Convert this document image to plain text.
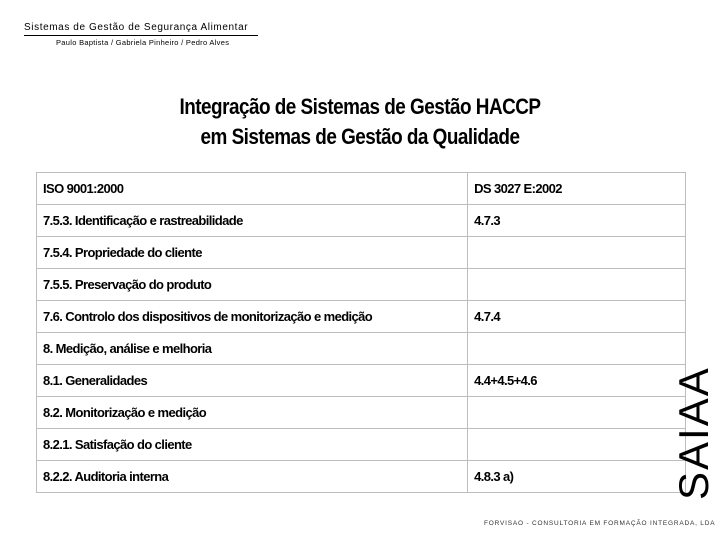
Sistemas de Gestão de Segurança Alimentar
Paulo Baptista / Gabriela Pinheiro / Pedro Alves
Integração de Sistemas de Gestão HACCP
em Sistemas de Gestão da Qualidade
ISO 9001:2000	DS 3027 E:2002
7.5.3. Identificação e rastreabilidade	4.7.3
7.5.4. Propriedade do cliente	
7.5.5. Preservação do produto	
7.6. Controlo dos dispositivos de monitorização e medição	4.7.4
8. Medição, análise e melhoria	
8.1. Generalidades	4.4+4.5+4.6
8.2. Monitorização e medição	
8.2.1. Satisfação do cliente	
8.2.2. Auditoria interna	4.8.3 a)	SAIAA
FORVISAO - CONSULTORIA EM FORMAÇÃO INTEGRADA, LDA
